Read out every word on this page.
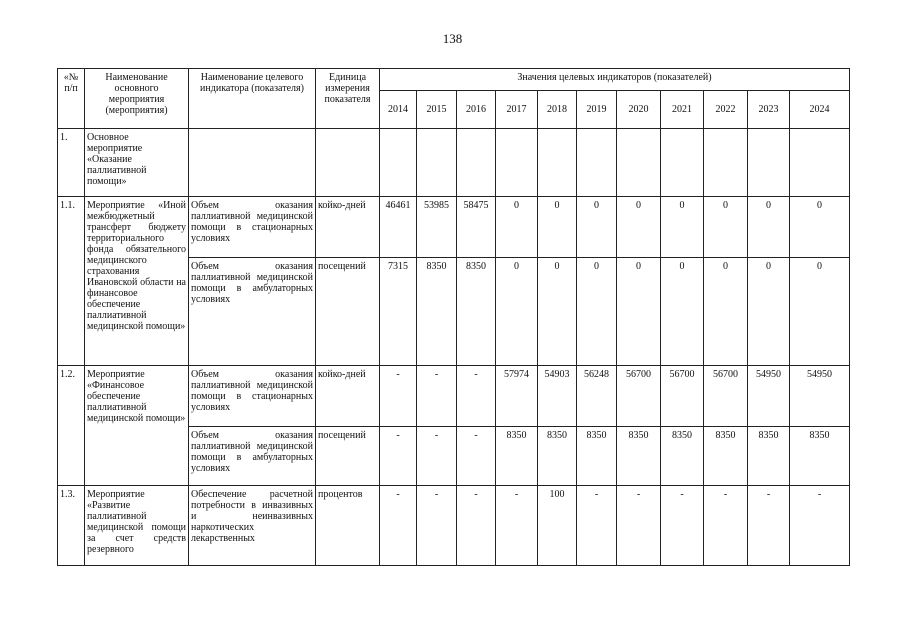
138
«№ п/п	Наименование основного мероприятия (мероприятия)	Наименование целевого индикатора (показателя)	Единица измерения показателя	Значения целевых индикаторов (показателей)										
				2014	2015	2016	2017	2018	2019	2020	2021	2022	2023	2024
1.	Основное мероприятие «Оказание паллиативной помощи»													
1.1.	Мероприятие «Иной межбюджетный трансферт бюджету территориального фонда обязательного медицинского страхования Ивановской области на финансовое обеспечение паллиативной медицинской помощи»	Объем оказания паллиативной медицинской помощи в стационарных условиях	койко-дней	46461	53985	58475	0	0	0	0	0	0	0	0
		Объем оказания паллиативной медицинской помощи в амбулаторных условиях	посещений	7315	8350	8350	0	0	0	0	0	0	0	0
1.2.	Мероприятие «Финансовое обеспечение паллиативной медицинской помощи»	Объем оказания паллиативной медицинской помощи в стационарных условиях	койко-дней	-	-	-	57974	54903	56248	56700	56700	56700	54950	54950
		Объем оказания паллиативной медицинской помощи в амбулаторных условиях	посещений	-	-	-	8350	8350	8350	8350	8350	8350	8350	8350
1.3.	Мероприятие «Развитие паллиативной медицинской помощи за счет средств резервного	Обеспечение расчетной потребности в инвазивных и неинвазивных наркотических лекарственных	процентов	-	-	-	-	100	-	-	-	-	-	-
